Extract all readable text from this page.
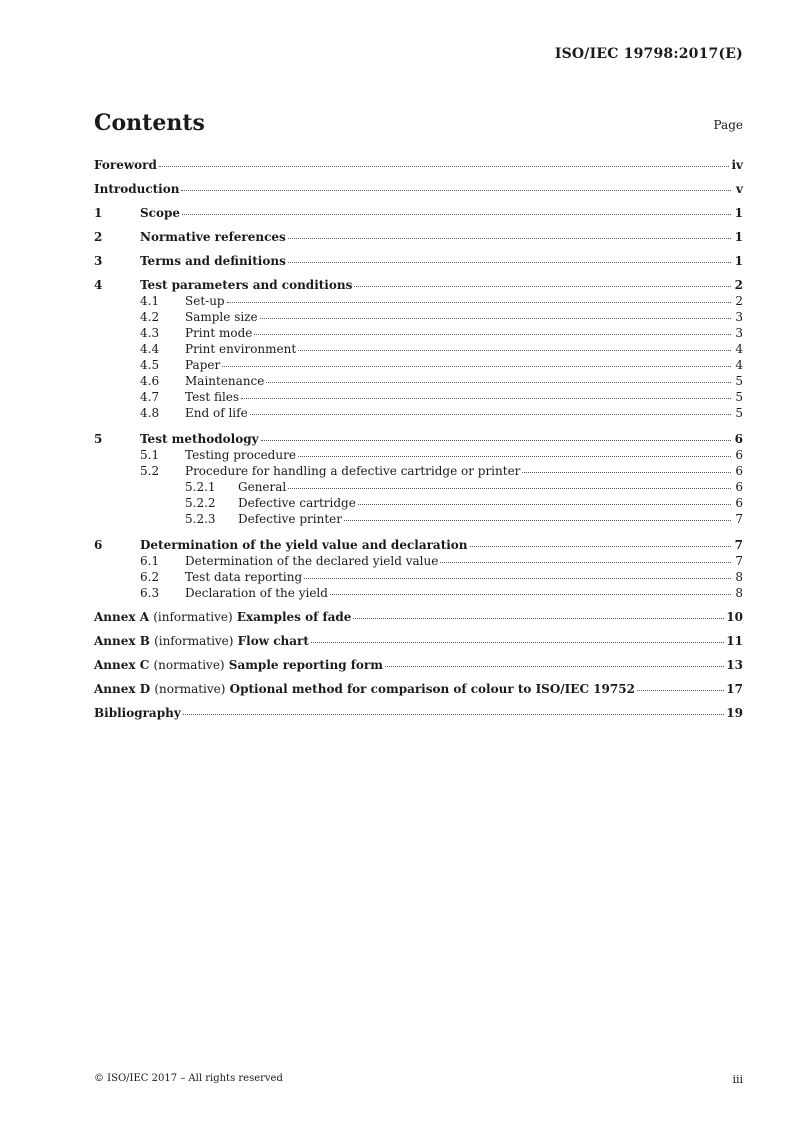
ISO/IEC 19798:2017(E)
Contents	Page
Foreword	iv
Introduction	v
1	Scope	1
2	Normative references	1
3	Terms and definitions	1
4	Test parameters and conditions	2
4.1	Set-up	2
4.2	Sample size	3
4.3	Print mode	3
4.4	Print environment	4
4.5	Paper	4
4.6	Maintenance	5
4.7	Test files	5
4.8	End of life	5
5	Test methodology	6
5.1	Testing procedure	6
5.2	Procedure for handling a defective cartridge or printer	6
5.2.1	General	6
5.2.2	Defective cartridge	6
5.2.3	Defective printer	7
6	Determination of the yield value and declaration	7
6.1	Determination of the declared yield value	7
6.2	Test data reporting	8
6.3	Declaration of the yield	8
Annex A (informative) Examples of fade	10
Annex B (informative) Flow chart	11
Annex C (normative) Sample reporting form	13
Annex D (normative) Optional method for comparison of colour to ISO/IEC 19752	17
Bibliography	19
© ISO/IEC 2017 – All rights reserved	iii
